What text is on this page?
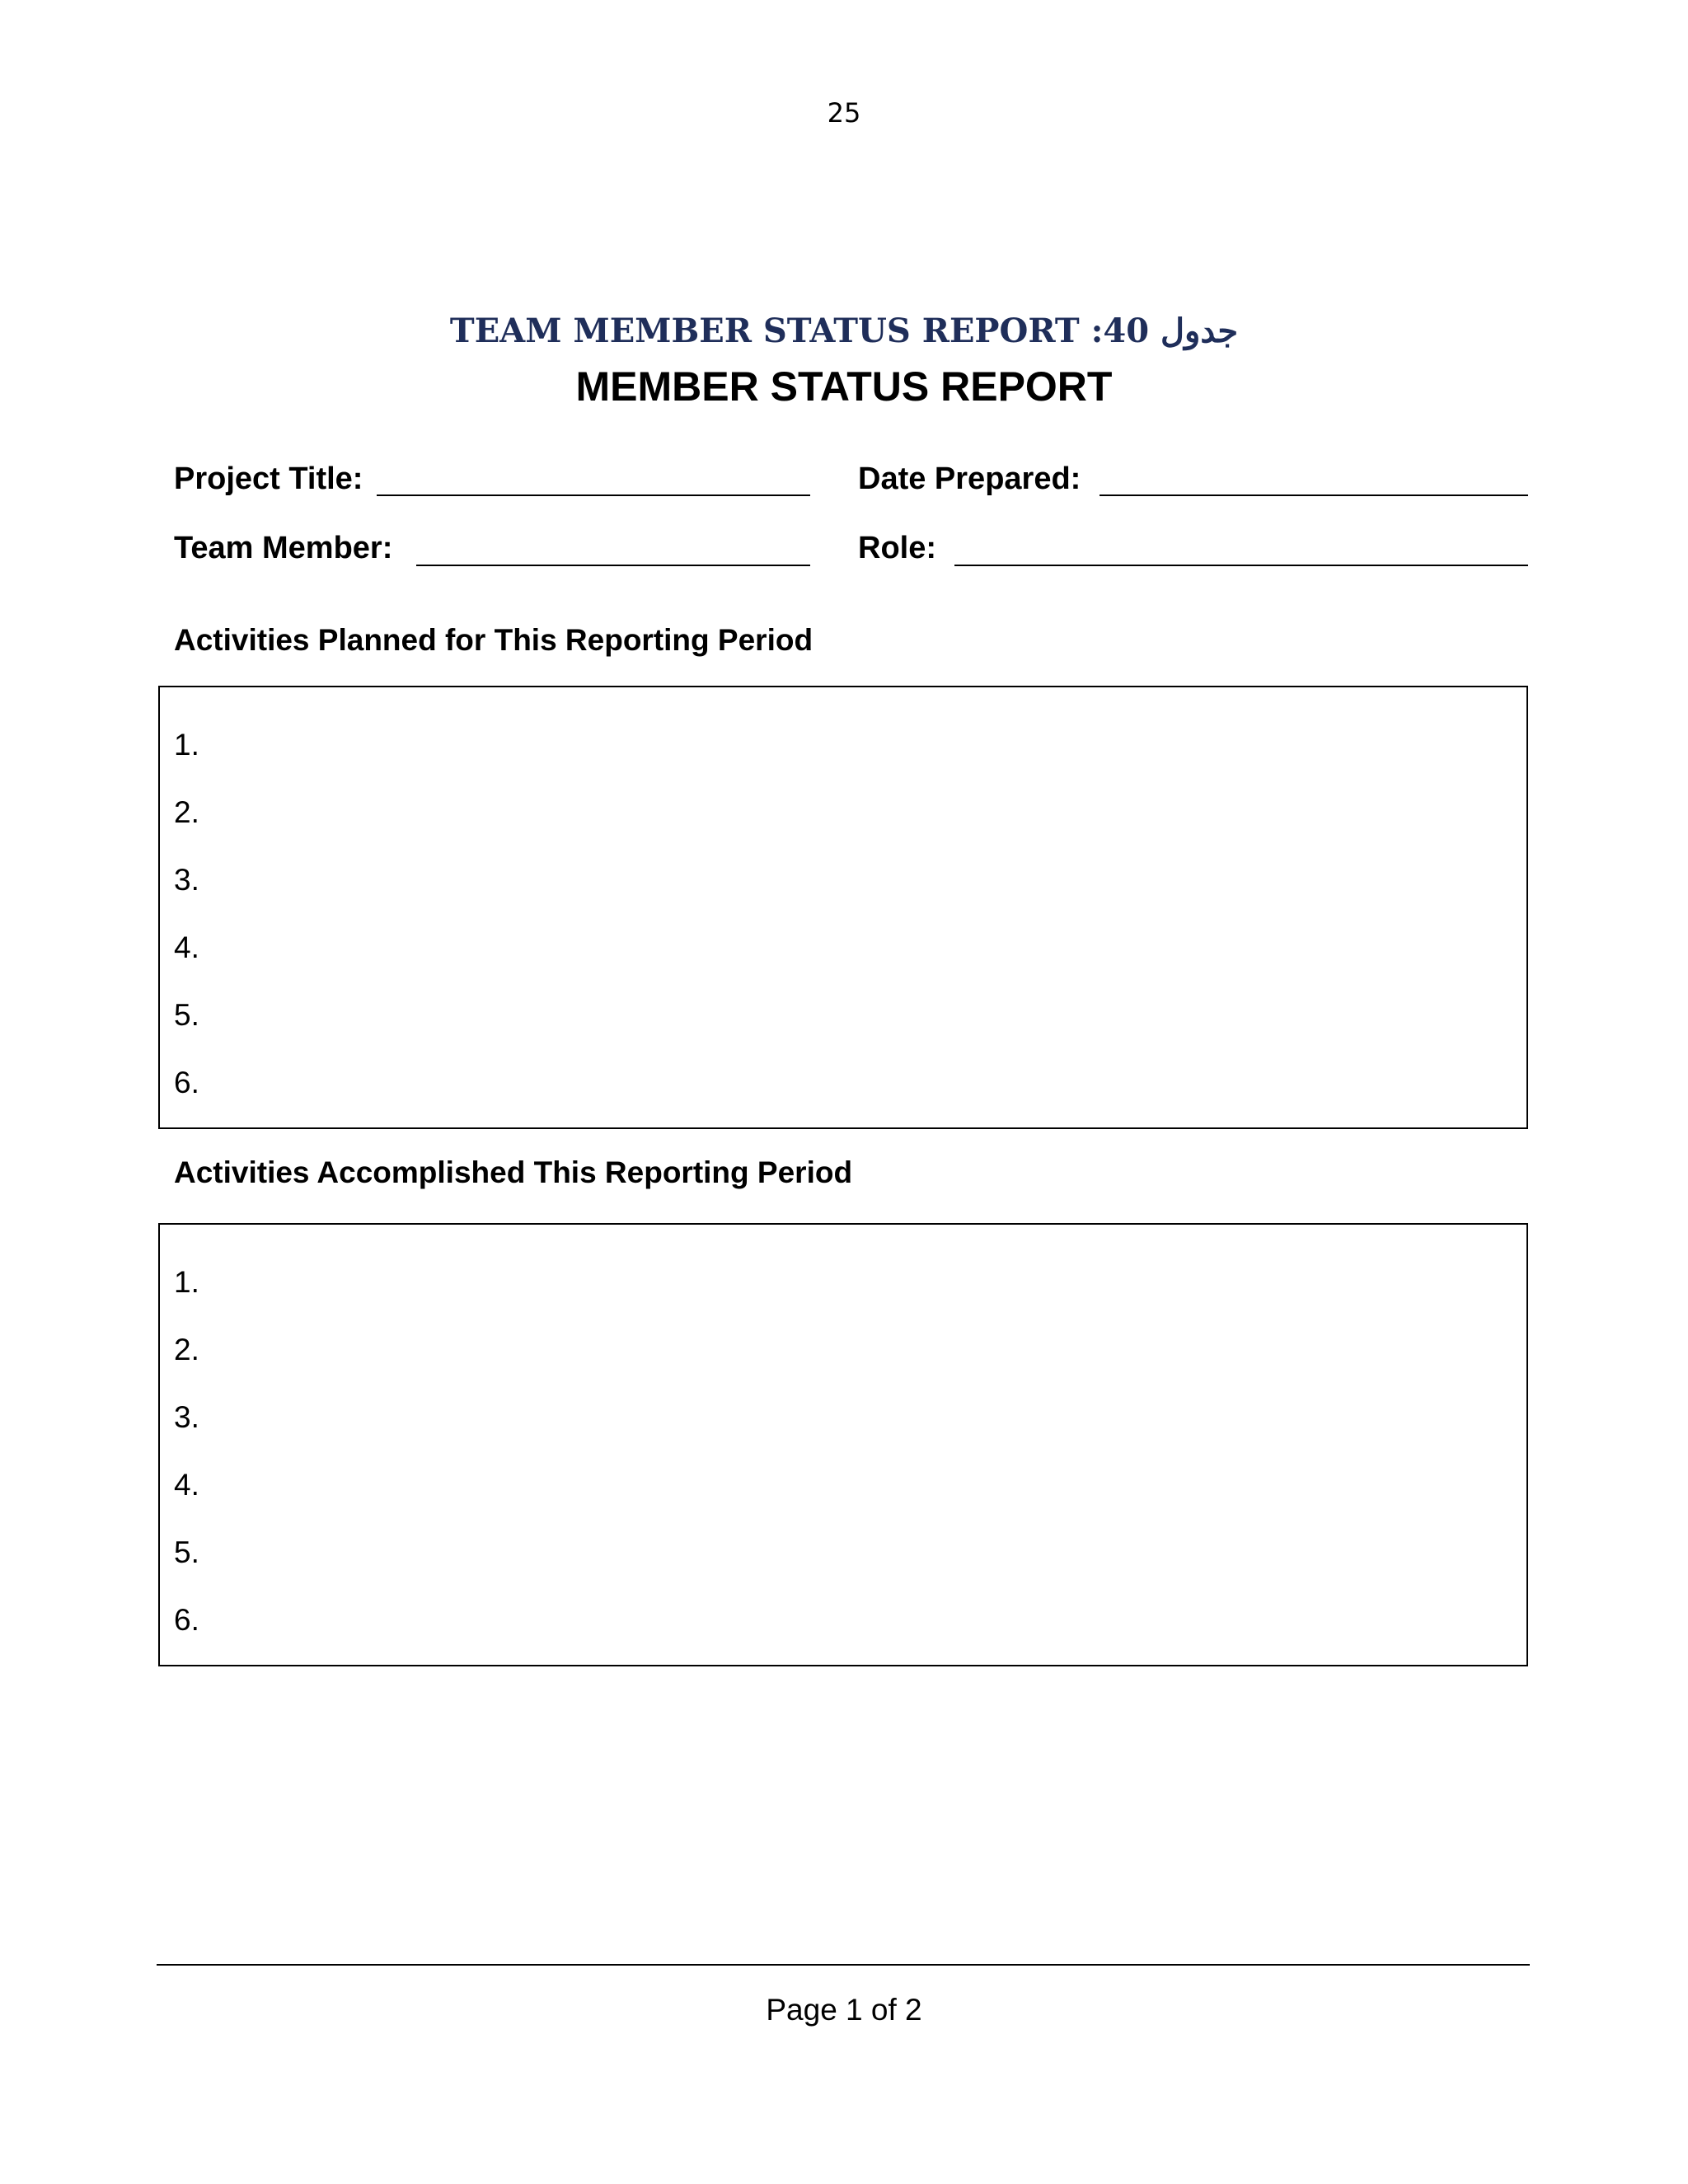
25
جدول 40: TEAM MEMBER STATUS REPORT
MEMBER STATUS REPORT
Project Title:	Date Prepared:
Team Member:	Role:
Activities Planned for This Reporting Period
1.
2.
3.
4.
5.
6.
Activities Accomplished This Reporting Period
1.
2.
3.
4.
5.
6.
Page 1 of 2
